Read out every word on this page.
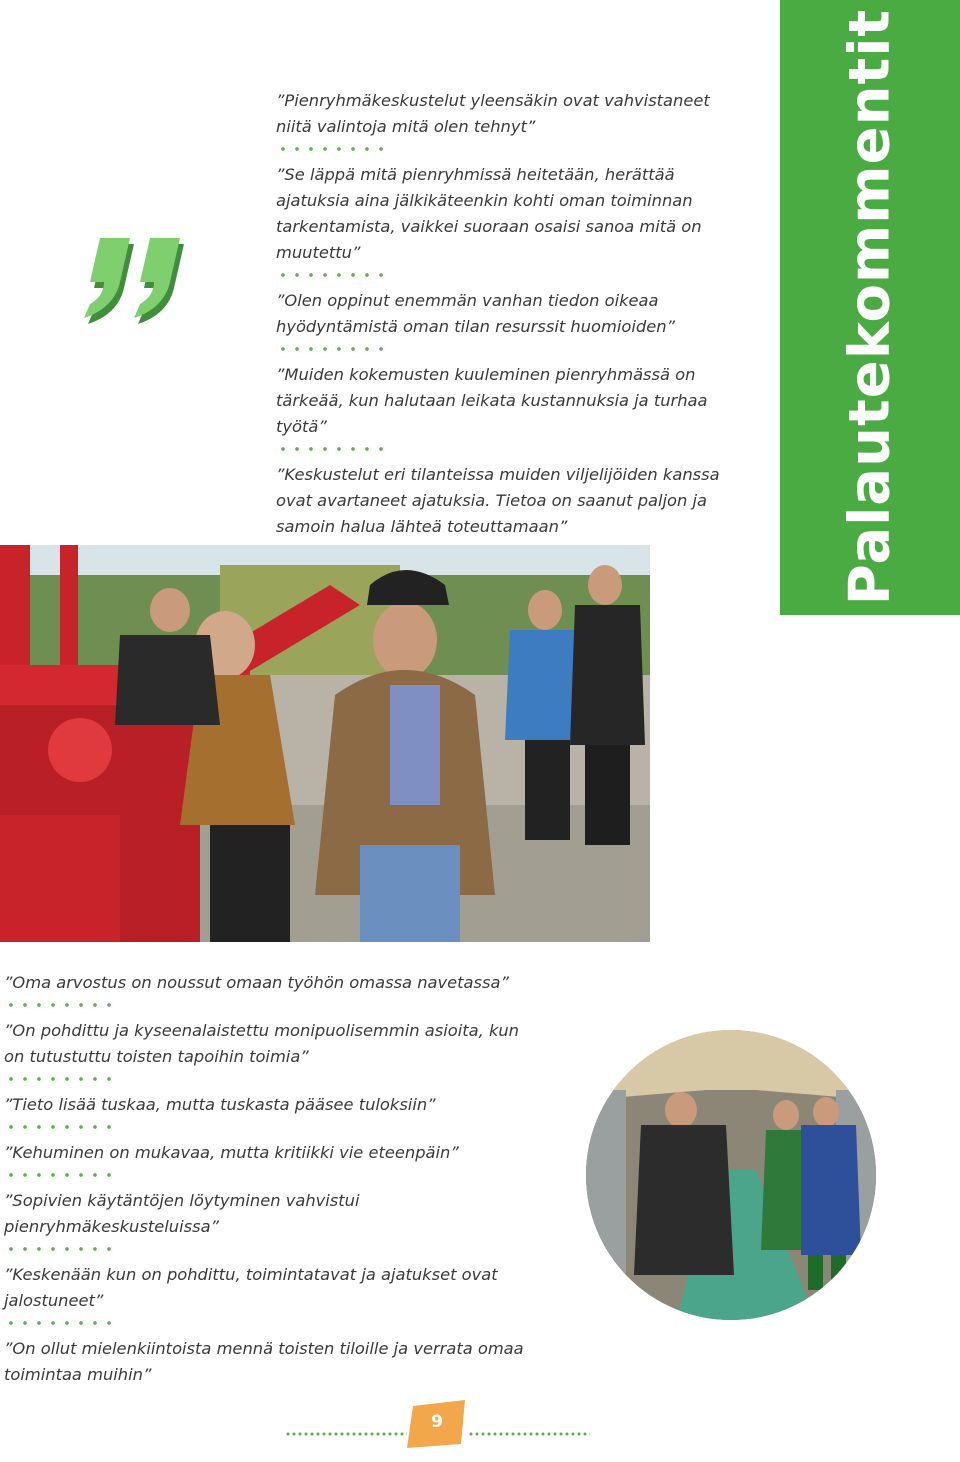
”Pienryhmäkeskustelut yleensäkin ovat vahvistaneet niitä valintoja mitä olen tehnyt”

”Se läppä mitä pienryhmissä heitetään, herättää ajatuksia aina jälkikäteenkin kohti oman toiminnan tarkentamista, vaikkei suoraan osaisi sanoa mitä on muutettu”

”Olen oppinut enemmän vanhan tiedon oikeaa hyödyntämistä oman tilan resurssit huomioiden”

”Muiden kokemusten kuuleminen pienryhmässä on tärkeää, kun halutaan leikata kustannuksia ja turhaa työtä”

”Keskustelut eri tilanteissa muiden viljelijöiden kanssa ovat avartaneet ajatuksia. Tietoa on saanut paljon ja samoin halua lähteä toteuttamaan”	Palautekommentit

”Oma arvostus on noussut omaan työhön omassa navetassa”

”On pohdittu ja kyseenalaistettu monipuolisemmin asioita, kun on tutustuttu toisten tapoihin toimia”

”Tieto lisää tuskaa, mutta tuskasta pääsee tuloksiin”

”Kehuminen on mukavaa, mutta kritiikki vie eteenpäin”

”Sopivien käytäntöjen löytyminen vahvistui pienryhmäkeskusteluissa”

”Keskenään kun on pohdittu, toimintatavat ja ajatukset ovat jalostuneet”

”On ollut mielenkiintoista mennä toisten tiloille ja verrata omaa toimintaa muihin”

9
